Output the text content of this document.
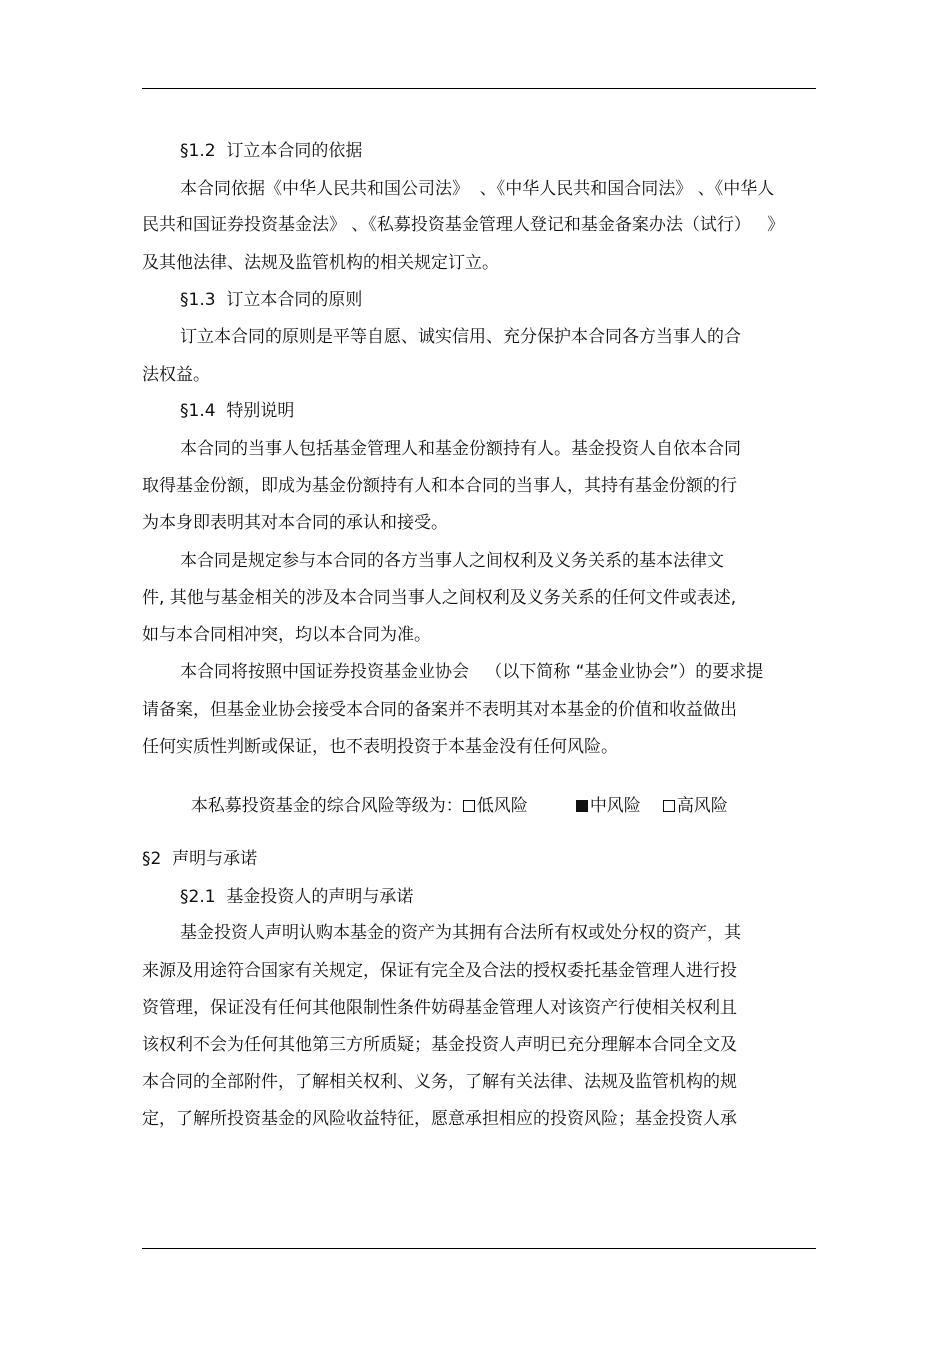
§1.2  订立本合同的依据
本合同依据《中华人民共和国公司法》  、《中华人民共和国合同法》 、《中华人
民共和国证券投资基金法》 、《私募投资基金管理人登记和基金备案办法（试行）   》
及其他法律、法规及监管机构的相关规定订立。
§1.3  订立本合同的原则
订立本合同的原则是平等自愿、诚实信用、充分保护本合同各方当事人的合
法权益。
§1.4  特别说明
本合同的当事人包括基金管理人和基金份额持有人。基金投资人自依本合同
取得基金份额，即成为基金份额持有人和本合同的当事人，其持有基金份额的行
为本身即表明其对本合同的承认和接受。
本合同是规定参与本合同的各方当事人之间权利及义务关系的基本法律文
件, 其他与基金相关的涉及本合同当事人之间权利及义务关系的任何文件或表述,
如与本合同相冲突，均以本合同为准。
本合同将按照中国证券投资基金业协会   （以下简称 “基金业协会”）的要求提
请备案，但基金业协会接受本合同的备案并不表明其对本基金的价值和收益做出
任何实质性判断或保证，也不表明投资于本基金没有任何风险。

本私募投资基金的综合风险等级为： 低风险	中风险 高风险

§2  声明与承诺
§2.1  基金投资人的声明与承诺
基金投资人声明认购本基金的资产为其拥有合法所有权或处分权的资产，其
来源及用途符合国家有关规定，保证有完全及合法的授权委托基金管理人进行投
资管理，保证没有任何其他限制性条件妨碍基金管理人对该资产行使相关权利且
该权利不会为任何其他第三方所质疑；基金投资人声明已充分理解本合同全文及
本合同的全部附件，了解相关权利、义务，了解有关法律、法规及监管机构的规
定，了解所投资基金的风险收益特征，愿意承担相应的投资风险；基金投资人承
